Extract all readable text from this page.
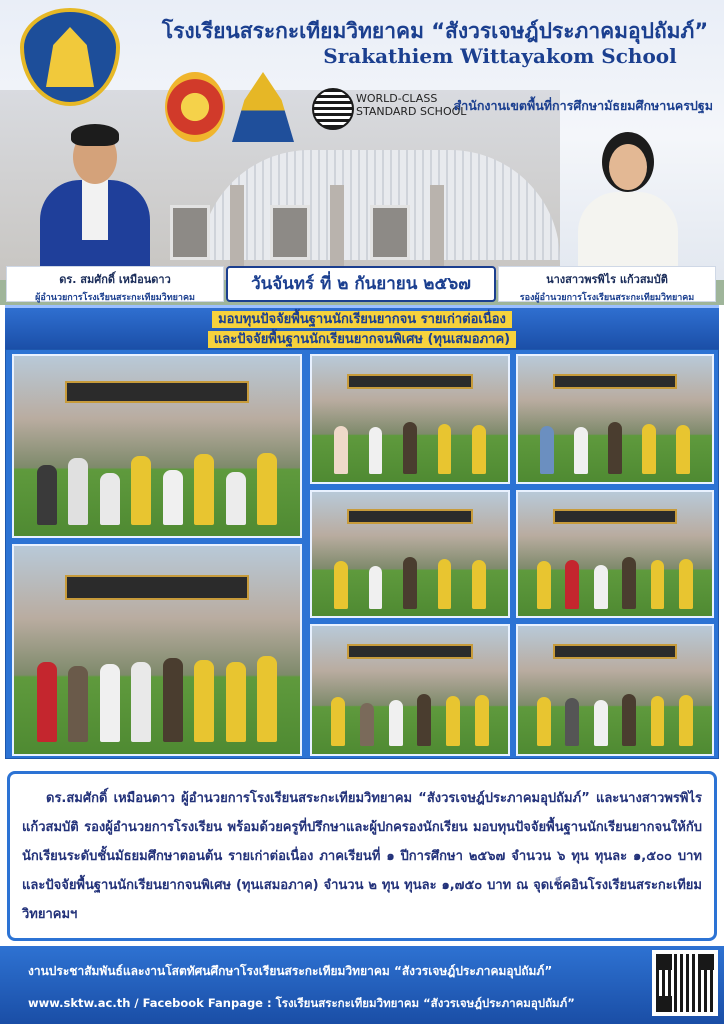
โรงเรียนสระกะเทียมวิทยาคม “สังวรเจษฎ์ประภาคมอุปถัมภ์”
Srakathiem Wittayakom School
WORLD-CLASS
STANDARD SCHOOL
สำนักงานเขตพื้นที่การศึกษามัธยมศึกษานครปฐม
ดร. สมศักดิ์ เหมือนดาว
ผู้อำนวยการโรงเรียนสระกะเทียมวิทยาคม
วันจันทร์ ที่ ๒ กันยายน ๒๕๖๗	นางสาวพรพิไร แก้วสมบัติ
รองผู้อำนวยการโรงเรียนสระกะเทียมวิทยาคม
มอบทุนปัจจัยพื้นฐานนักเรียนยากจน รายเก่าต่อเนื่อง
และปัจจัยพื้นฐานนักเรียนยากจนพิเศษ (ทุนเสมอภาค)

ดร.สมศักดิ์ เหมือนดาว ผู้อำนวยการโรงเรียนสระกะเทียมวิทยาคม “สังวรเจษฎ์ประภาคมอุปถัมภ์” และนางสาวพรพิไร แก้วสมบัติ รองผู้อำนวยการโรงเรียน พร้อมด้วยครูที่ปรึกษาและผู้ปกครองนักเรียน มอบทุนปัจจัยพื้นฐานนักเรียนยากจนให้กับนักเรียนระดับชั้นมัธยมศึกษาตอนต้น รายเก่าต่อเนื่อง ภาคเรียนที่ ๑ ปีการศึกษา ๒๕๖๗ จำนวน ๖ ทุน ทุนละ ๑,๕๐๐ บาท และปัจจัยพื้นฐานนักเรียนยากจนพิเศษ (ทุนเสมอภาค) จำนวน ๒ ทุน ทุนละ ๑,๗๕๐ บาท ณ จุดเช็คอินโรงเรียนสระกะเทียมวิทยาคมฯ

งานประชาสัมพันธ์และงานโสตทัศนศึกษาโรงเรียนสระกะเทียมวิทยาคม “สังวรเจษฎ์ประภาคมอุปถัมภ์”
www.sktw.ac.th / Facebook Fanpage : โรงเรียนสระกะเทียมวิทยาคม “สังวรเจษฎ์ประภาคมอุปถัมภ์”
